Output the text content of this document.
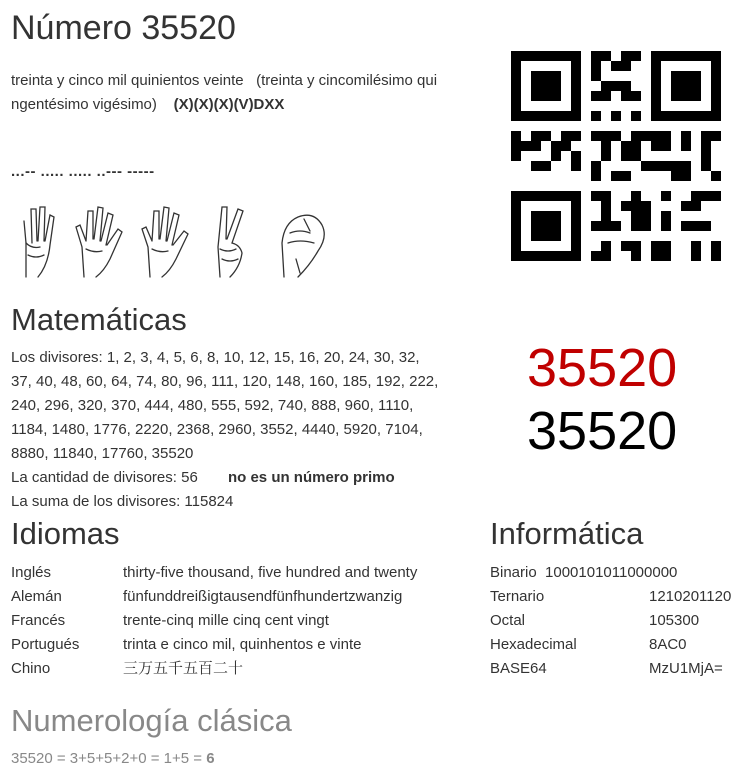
Número 35520
treinta y cinco mil quinientos veinte (treinta y cincomilésimo qui
ngentésimo vigésimo) (X)(X)(X)(V)DXX
...-- ..... ..... ..--- -----
Matemáticas
Los divisores: 1, 2, 3, 4, 5, 6, 8, 10, 12, 15, 16, 20, 24, 30, 32,
37, 40, 48, 60, 64, 74, 80, 96, 111, 120, 148, 160, 185, 192, 222,
240, 296, 320, 370, 444, 480, 555, 592, 740, 888, 960, 1110,
1184, 1480, 1776, 2220, 2368, 2960, 3552, 4440, 5920, 7104,
8880, 11840, 17760, 35520
La cantidad de divisores: 56 no es un número primo
La suma de los divisores: 115824
35520
35520
Idiomas
Inglés	thirty-five thousand, five hundred and twenty
Alemán	fünfunddreißigtausendfünfhundertzwanzig
Francés	trente-cinq mille cinq cent vingt
Portugués	trinta e cinco mil, quinhentos e vinte
Chino	三万五千五百二十
Informática
Binario  1000101011000000
Ternario	1210201120
Octal	105300
Hexadecimal	8AC0
BASE64	MzU1MjA=
Numerología clásica
35520 = 3+5+5+2+0 = 1+5 = 6
